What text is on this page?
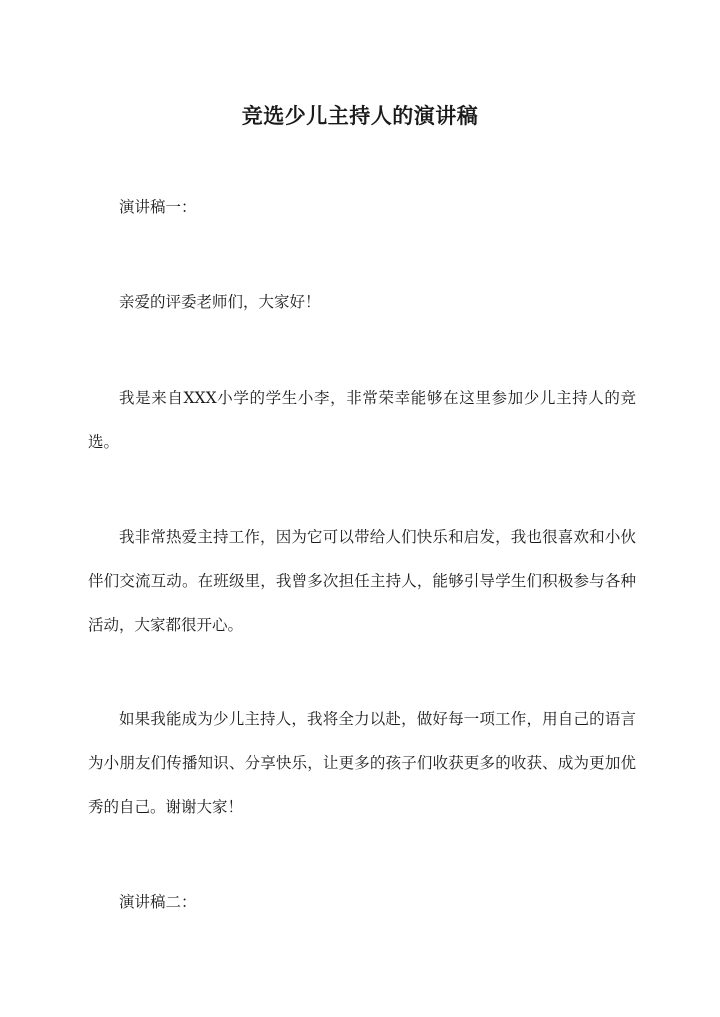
竞选少儿主持人的演讲稿

演讲稿一：

亲爱的评委老师们，大家好！

我是来自XXX小学的学生小李，非常荣幸能够在这里参加少儿主持人的竞选。

我非常热爱主持工作，因为它可以带给人们快乐和启发，我也很喜欢和小伙伴们交流互动。在班级里，我曾多次担任主持人，能够引导学生们积极参与各种活动，大家都很开心。

如果我能成为少儿主持人，我将全力以赴，做好每一项工作，用自己的语言为小朋友们传播知识、分享快乐，让更多的孩子们收获更多的收获、成为更加优秀的自己。谢谢大家！

演讲稿二：
